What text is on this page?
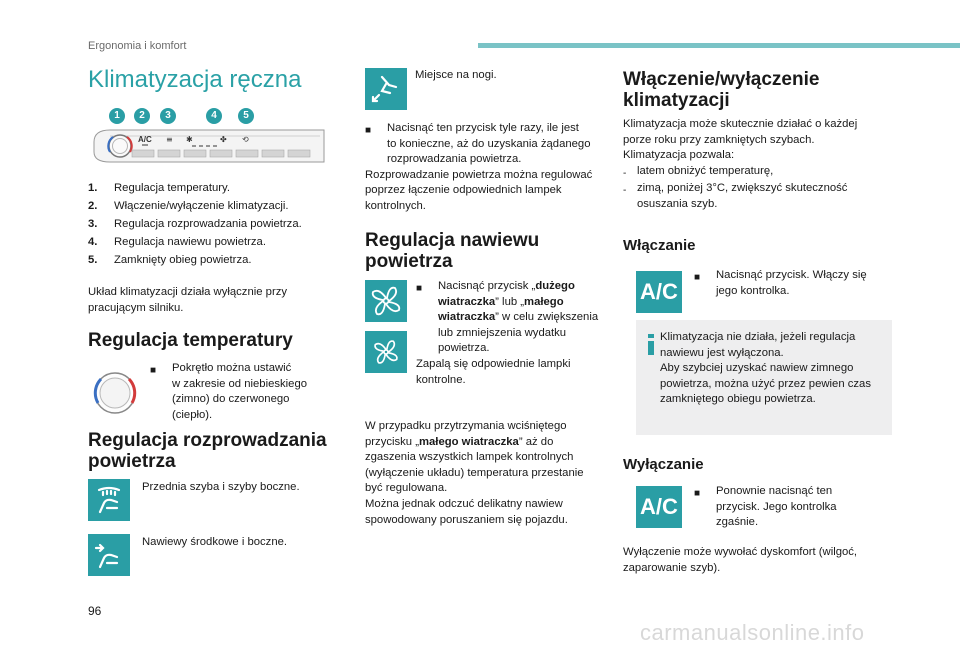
Ergonomia i komfort
Klimatyzacja ręczna
A/C ≡ ✱	✤ ⟲
1	2	3	4	5
1.	Regulacja temperatury.
2.	Włączenie/wyłączenie klimatyzacji.
3.	Regulacja rozprowadzania powietrza.
4.	Regulacja nawiewu powietrza.
5.	Zamknięty obieg powietrza.
Układ klimatyzacji działa wyłącznie przy
pracującym silniku.
Regulacja temperatury
■	Pokrętło można ustawić
w zakresie od niebieskiego
(zimno) do czerwonego
(ciepło).
Regulacja rozprowadzania
powietrza
Przednia szyba i szyby boczne.
Nawiewy środkowe i boczne.
Miejsce na nogi.
■	Nacisnąć ten przycisk tyle razy, ile jest
to konieczne, aż do uzyskania żądanego
rozprowadzania powietrza.
Rozprowadzanie powietrza można regulować
poprzez łączenie odpowiednich lampek
kontrolnych.
Regulacja nawiewu
powietrza
■	Nacisnąć przycisk „dużego
wiatraczka” lub „małego
wiatraczka” w celu zwiększenia
lub zmniejszenia wydatku
powietrza.
Zapalą się odpowiednie lampki
kontrolne.
W przypadku przytrzymania wciśniętego
przycisku „małego wiatraczka” aż do
zgaszenia wszystkich lampek kontrolnych
(wyłączenie układu) temperatura przestanie
być regulowana.
Można jednak odczuć delikatny nawiew
spowodowany poruszaniem się pojazdu.
Włączenie/wyłączenie
klimatyzacji
Klimatyzacja może skutecznie działać o każdej
porze roku przy zamkniętych szybach.
Klimatyzacja pozwala:
- latem obniżyć temperaturę,
- zimą, poniżej 3°C, zwiększyć skuteczność
osuszania szyb.
Włączanie
A/C
■	Nacisnąć przycisk. Włączy się
jego kontrolka.
Klimatyzacja nie działa, jeżeli regulacja
nawiewu jest wyłączona.
Aby szybciej uzyskać nawiew zimnego
powietrza, można użyć przez pewien czas
zamkniętego obiegu powietrza.
Wyłączanie
A/C
■	Ponownie nacisnąć ten
przycisk. Jego kontrolka
zgaśnie.
Wyłączenie może wywołać dyskomfort (wilgoć,
zaparowanie szyb).
96
carmanualsonline.info
